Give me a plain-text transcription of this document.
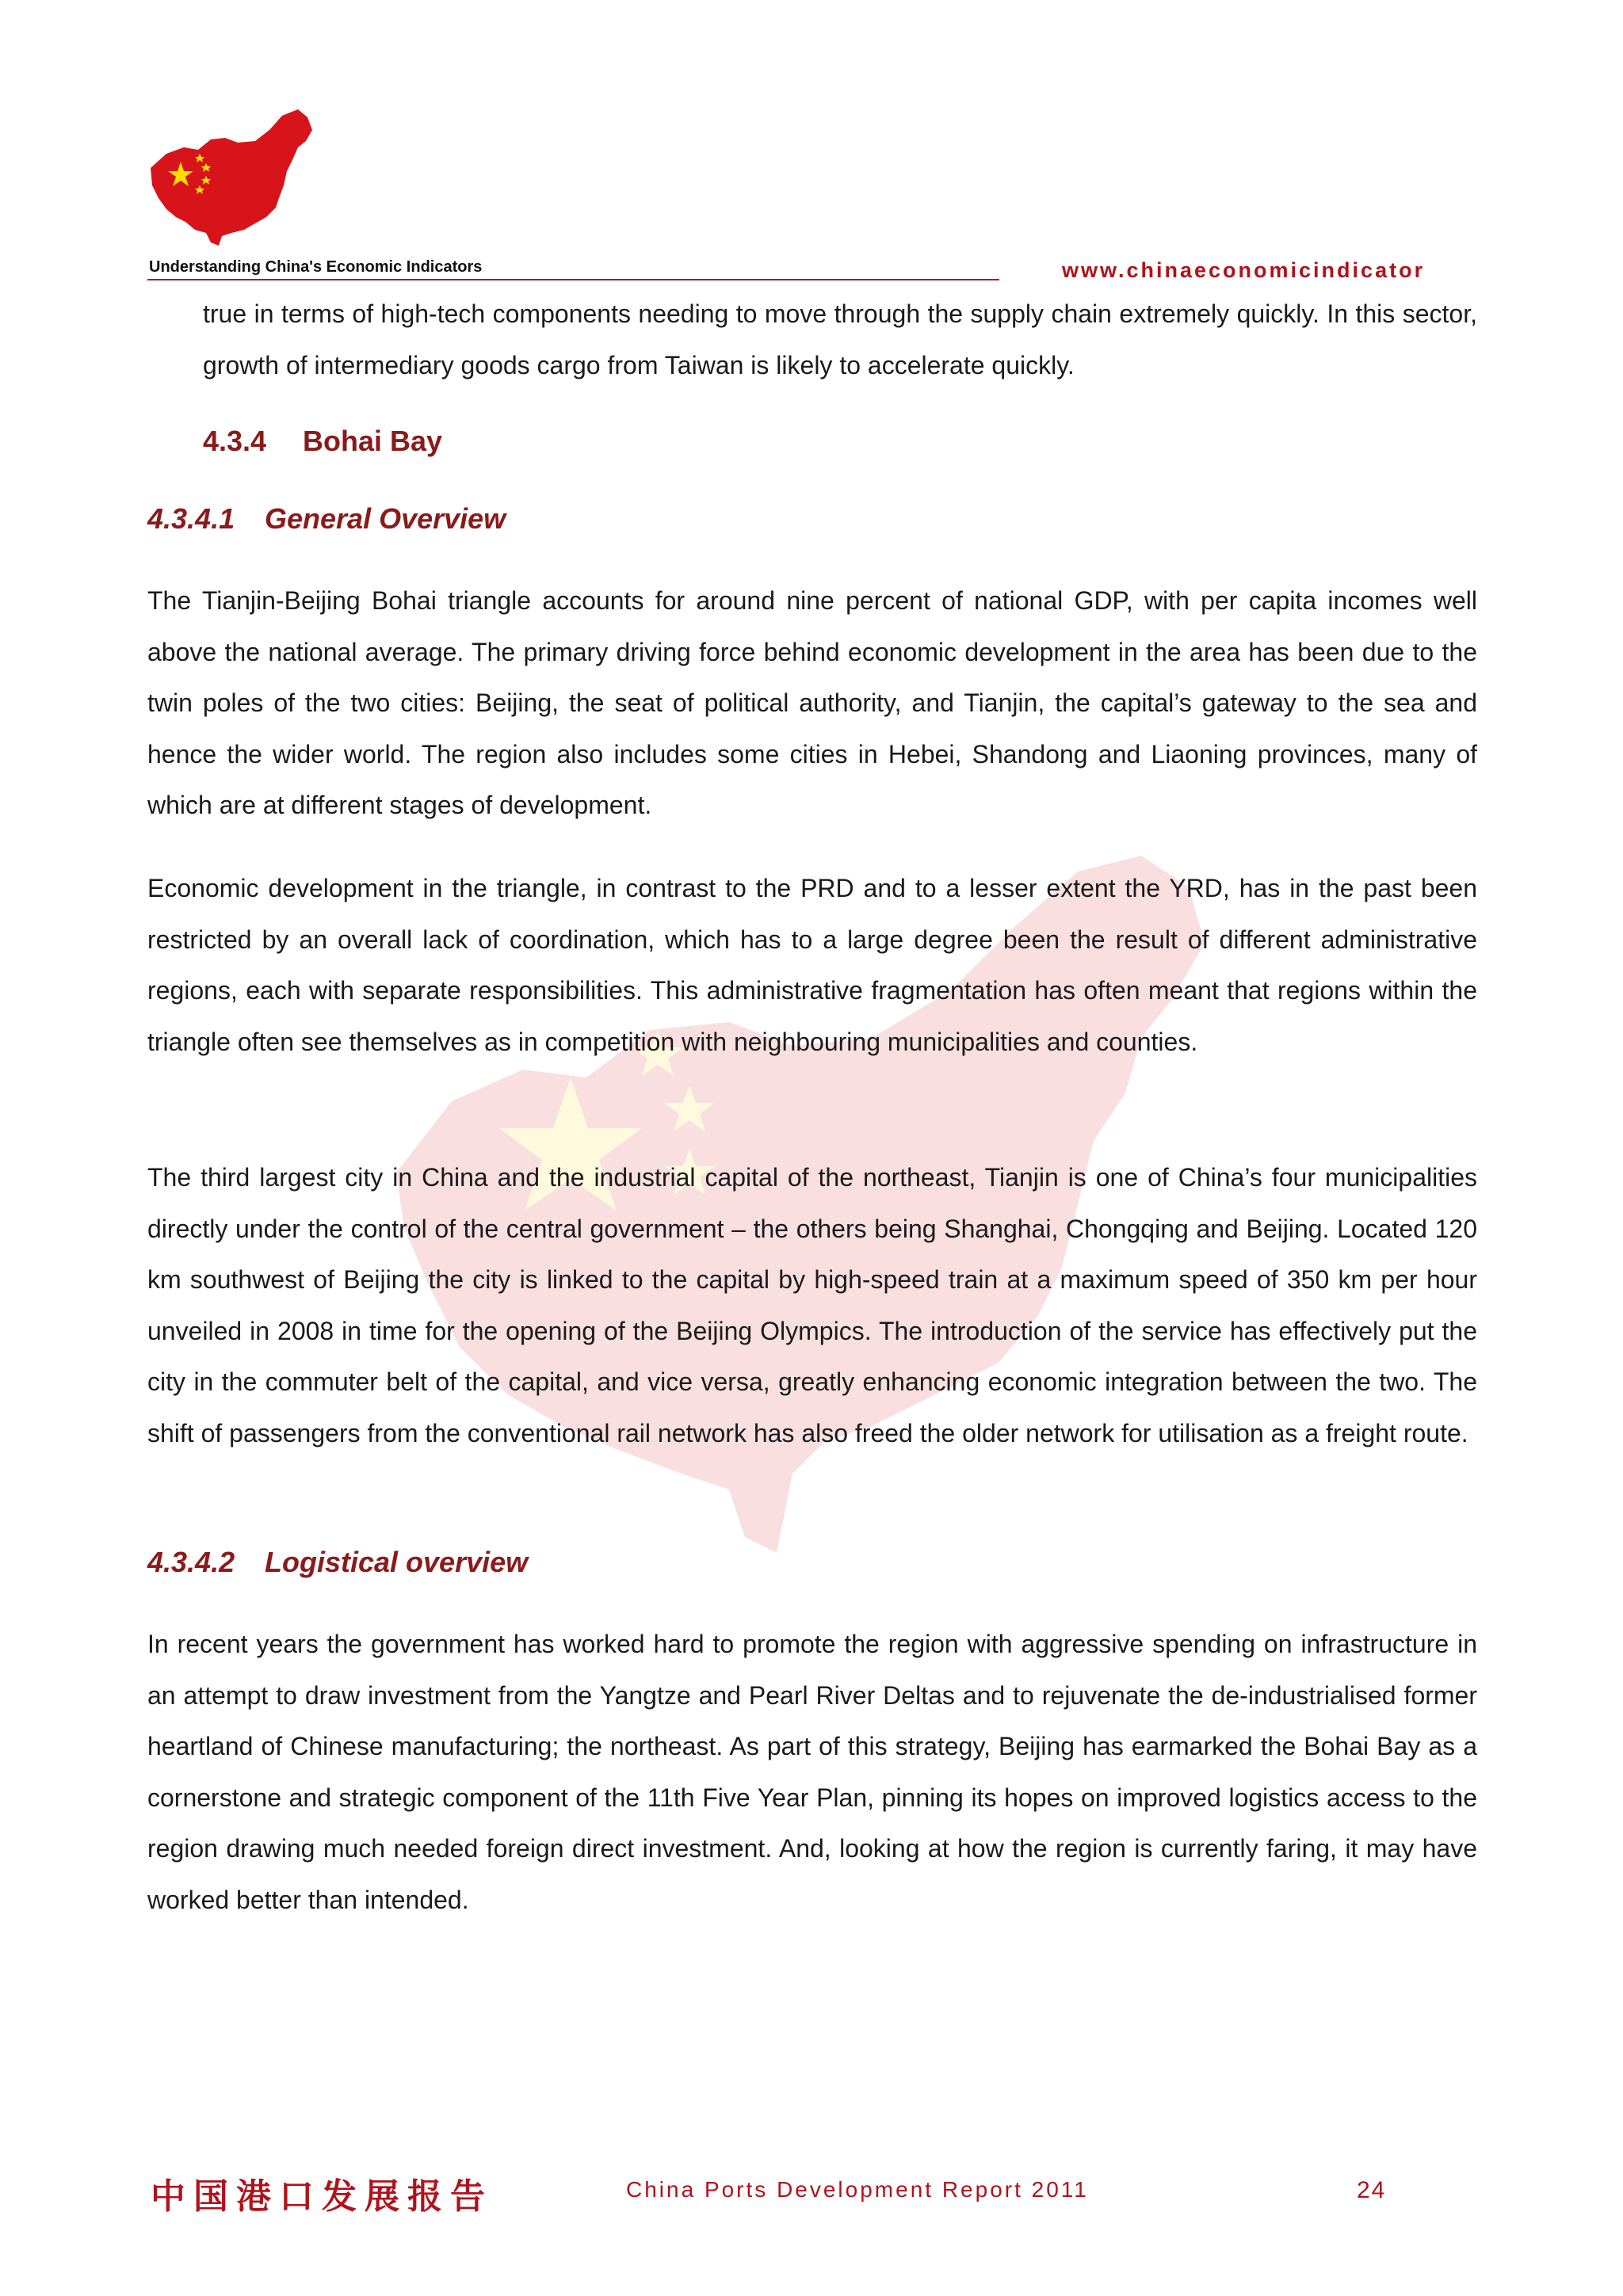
Understanding China's Economic Indicators	www.chinaeconomicindicator

true in terms of high-tech components needing to move through the supply chain extremely quickly. In this sector, growth of intermediary goods cargo from Taiwan is likely to accelerate quickly.

4.3.4 Bohai Bay
4.3.4.1 General Overview

The Tianjin-Beijing Bohai triangle accounts for around nine percent of national GDP, with per capita incomes well above the national average. The primary driving force behind economic development in the area has been due to the twin poles of the two cities: Beijing, the seat of political authority, and Tianjin, the capital’s gateway to the sea and hence the wider world. The region also includes some cities in Hebei, Shandong and Liaoning provinces, many of which are at different stages of development.

Economic development in the triangle, in contrast to the PRD and to a lesser extent the YRD, has in the past been restricted by an overall lack of coordination, which has to a large degree been the result of different administrative regions, each with separate responsibilities. This administrative fragmentation has often meant that regions within the triangle often see themselves as in competition with neighbouring municipalities and counties.

The third largest city in China and the industrial capital of the northeast, Tianjin is one of China’s four municipalities directly under the control of the central government – the others being Shanghai, Chongqing and Beijing. Located 120 km southwest of Beijing the city is linked to the capital by high-speed train at a maximum speed of 350 km per hour unveiled in 2008 in time for the opening of the Beijing Olympics. The introduction of the service has effectively put the city in the commuter belt of the capital, and vice versa, greatly enhancing economic integration between the two. The shift of passengers from the conventional rail network has also freed the older network for utilisation as a freight route.

4.3.4.2 Logistical overview

In recent years the government has worked hard to promote the region with aggressive spending on infrastructure in an attempt to draw investment from the Yangtze and Pearl River Deltas and to rejuvenate the de-industrialised former heartland of Chinese manufacturing; the northeast. As part of this strategy, Beijing has earmarked the Bohai Bay as a cornerstone and strategic component of the 11th Five Year Plan, pinning its hopes on improved logistics access to the region drawing much needed foreign direct investment. And, looking at how the region is currently faring, it may have worked better than intended.

中国港口发展报告	China Ports Development Report 2011	24
